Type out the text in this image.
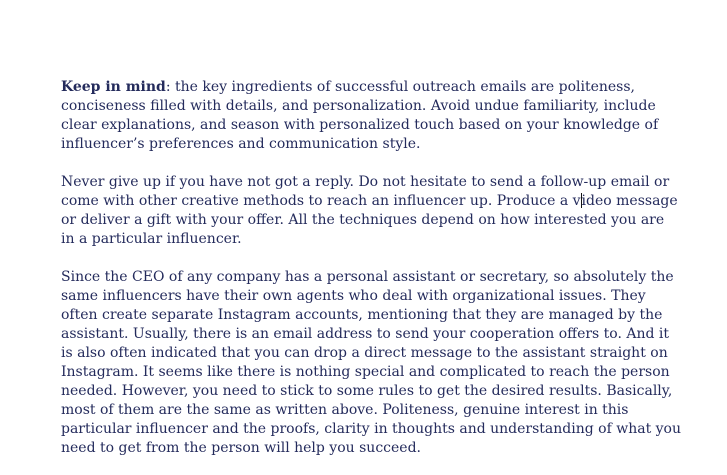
Keep in mind: the key ingredients of successful outreach emails are politeness, conciseness filled with details, and personalization. Avoid undue familiarity, include clear explanations, and season with personalized touch based on your knowledge of influencer’s preferences and communication style.

Never give up if you have not got a reply. Do not hesitate to send a follow-up email or come with other creative methods to reach an influencer up. Produce a video message or deliver a gift with your offer. All the techniques depend on how interested you are in a particular influencer.

Since the CEO of any company has a personal assistant or secretary, so absolutely the same influencers have their own agents who deal with organizational issues. They often create separate Instagram accounts, mentioning that they are managed by the assistant. Usually, there is an email address to send your cooperation offers to. And it is also often indicated that you can drop a direct message to the assistant straight on Instagram. It seems like there is nothing special and complicated to reach the person needed. However, you need to stick to some rules to get the desired results. Basically, most of them are the same as written above. Politeness, genuine interest in this particular influencer and the proofs, clarity in thoughts and understanding of what you need to get from the person will help you succeed.
